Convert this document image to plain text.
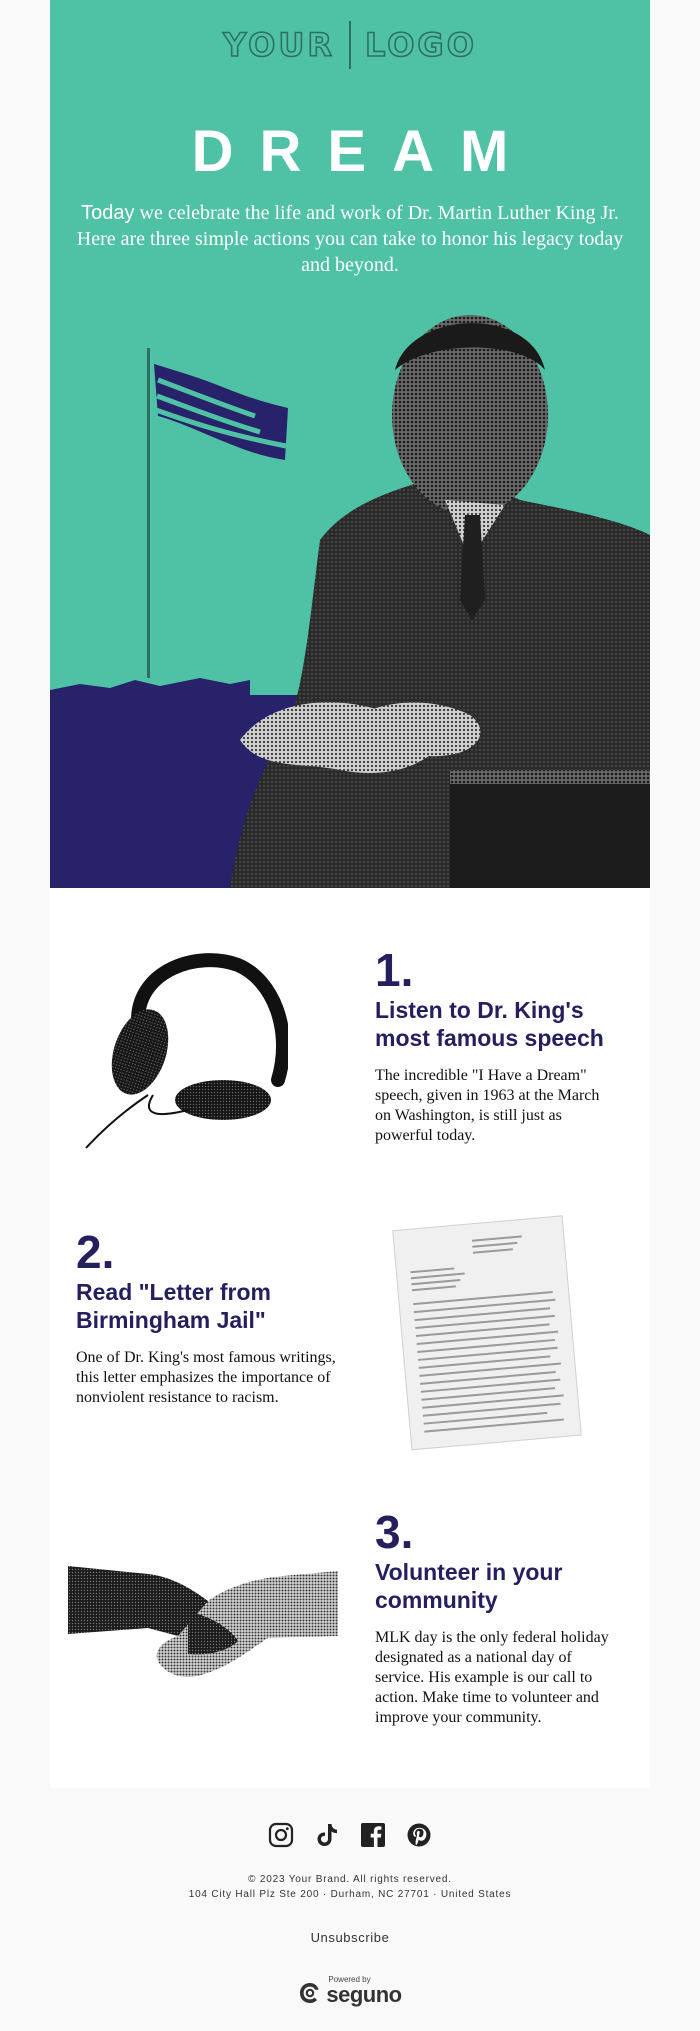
YOUR LOGO
DREAM
Today we celebrate the life and work of Dr. Martin Luther King Jr. Here are three simple actions you can take to honor his legacy today and beyond.
1.
Listen to Dr. King's most famous speech
The incredible "I Have a Dream" speech, given in 1963 at the March on Washington, is still just as powerful today.
2.
Read "Letter from Birmingham Jail"
One of Dr. King's most famous writings, this letter emphasizes the importance of nonviolent resistance to racism.
3.
Volunteer in your community
MLK day is the only federal holiday designated as a national day of service. His example is our call to action. Make time to volunteer and improve your community.
© 2023 Your Brand. All rights reserved.
104 City Hall Plz Ste 200 · Durham, NC 27701 · United States
Unsubscribe
Powered by
seguno
